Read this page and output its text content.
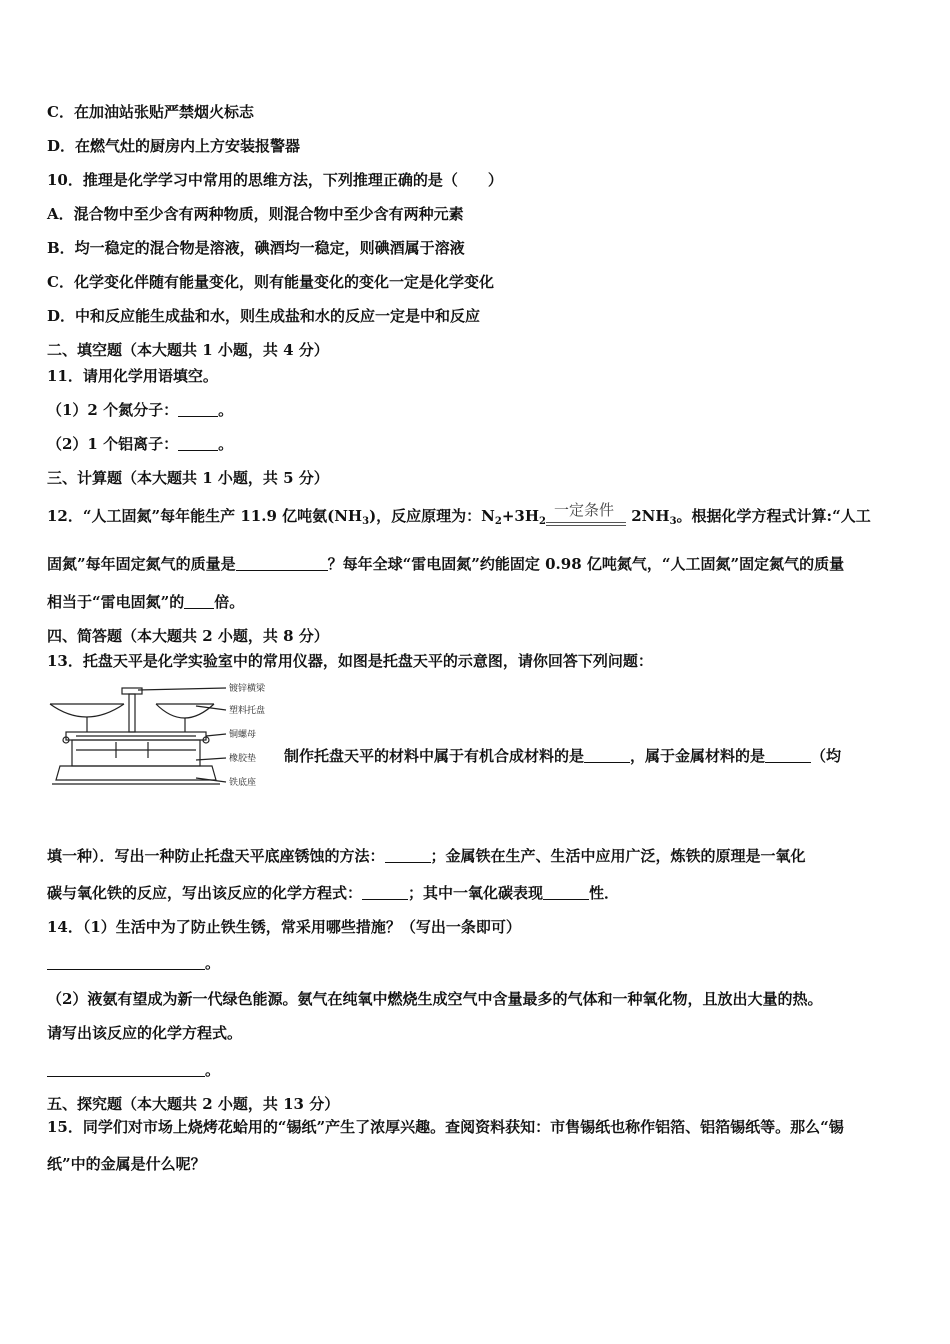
C．在加油站张贴严禁烟火标志
D．在燃气灶的厨房内上方安装报警器
10．推理是化学学习中常用的思维方法，下列推理正确的是（　　）
A．混合物中至少含有两种物质，则混合物中至少含有两种元素
B．均一稳定的混合物是溶液，碘酒均一稳定，则碘酒属于溶液
C．化学变化伴随有能量变化，则有能量变化的变化一定是化学变化
D．中和反应能生成盐和水，则生成盐和水的反应一定是中和反应
二、填空题（本大题共 1 小题，共 4 分）
11．请用化学用语填空。
（1）2 个氮分子：	。
（2）1 个铝离子：	。
三、计算题（本大题共 1 小题，共 5 分）
12．“人工固氮”每年能生产 11.9 亿吨氨$(NH_3)$，反应原理为：$N_2+3H_2$
一定条件 $2NH_3$。根据化学方程式计算:“人工
固氮”每年固定氮气的质量是	？每年全球“雷电固氮”约能固定 0.98 亿吨氮气，“人工固氮”固定氮气的质量
相当于“雷电固氮”的 倍。
四、简答题（本大题共 2 小题，共 8 分）
13．托盘天平是化学实验室中的常用仪器，如图是托盘天平的示意图，请你回答下列问题：
镀锌横梁
塑料托盘
铜螺母
橡胶垫
铁底座
制作托盘天平的材料中属于有机合成材料的是	，属于金属材料的是	（均
填一种）．写出一种防止托盘天平底座锈蚀的方法：	；金属铁在生产、生活中应用广泛，炼铁的原理是一氧化
碳与氧化铁的反应，写出该反应的化学方程式：	；其中一氧化碳表现	性．
14．（1）生活中为了防止铁生锈，常采用哪些措施？（写出一条即可）
。
（2）液氨有望成为新一代绿色能源。氨气在纯氧中燃烧生成空气中含量最多的气体和一种氧化物，且放出大量的热。
请写出该反应的化学方程式。
。
五、探究题（本大题共 2 小题，共 13 分）
15．同学们对市场上烧烤花蛤用的“锡纸”产生了浓厚兴趣。查阅资料获知：市售锡纸也称作铝箔、铝箔锡纸等。那么“锡
纸”中的金属是什么呢？
